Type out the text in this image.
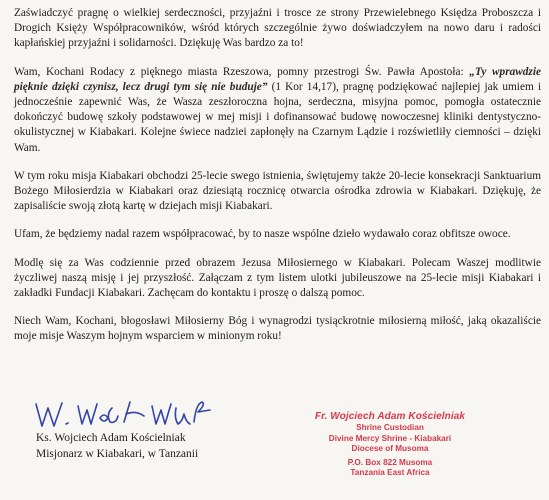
Zaświadczyć pragnę o wielkiej serdeczności, przyjaźni i trosce ze strony Przewielebnego Księdza Proboszcza i Drogich Księży Współpracowników, wśród których szczególnie żywo doświadczyłem na nowo daru i radości kapłańskiej przyjaźni i solidarności. Dziękuję Was bardzo za to!

Wam, Kochani Rodacy z pięknego miasta Rzeszowa, pomny przestrogi Św. Pawła Apostoła: „Ty wprawdzie pięknie dzięki czynisz, lecz drugi tym się nie buduje” (1 Kor 14,17), pragnę podziękować najlepiej jak umiem i jednocześnie zapewnić Was, że Wasza zeszłoroczna hojna, serdeczna, misyjna pomoc, pomogła ostatecznie dokończyć budowę szkoły podstawowej w mej misji i dofinansować budowę nowoczesnej kliniki dentystyczno-okulistycznej w Kiabakari. Kolejne świece nadziei zapłonęły na Czarnym Lądzie i rozświetliły ciemności – dzięki Wam.

W tym roku misja Kiabakari obchodzi 25-lecie swego istnienia, świętujemy także 20-lecie konsekracji Sanktuarium Bożego Miłosierdzia w Kiabakari oraz dziesiątą rocznicę otwarcia ośrodka zdrowia w Kiabakari. Dziękuję, że zapisaliście swoją złotą kartę w dziejach misji Kiabakari.

Ufam, że będziemy nadal razem współpracować, by to nasze wspólne dzieło wydawało coraz obfitsze owoce.

Modlę się za Was codziennie przed obrazem Jezusa Miłosiernego w Kiabakari. Polecam Waszej modlitwie życzliwej naszą misję i jej przyszłość. Załączam z tym listem ulotki jubileuszowe na 25-lecie misji Kiabakari i zakładki Fundacji Kiabakari. Zachęcam do kontaktu i proszę o dalszą pomoc.

Niech Wam, Kochani, błogosławi Miłosierny Bóg i wynagrodzi tysiąckrotnie miłosierną miłość, jaką okazaliście moje misje Waszym hojnym wsparciem w minionym roku!

Ks. Wojciech Adam Kościelniak
Misjonarz w Kiabakari, w Tanzanii
Fr. Wojciech Adam Kościelniak
Shrine Custodian
Divine Mercy Shrine - Kiabakari
Diocese of Musoma
P.O. Box 822 Musoma
Tanzania East Africa
